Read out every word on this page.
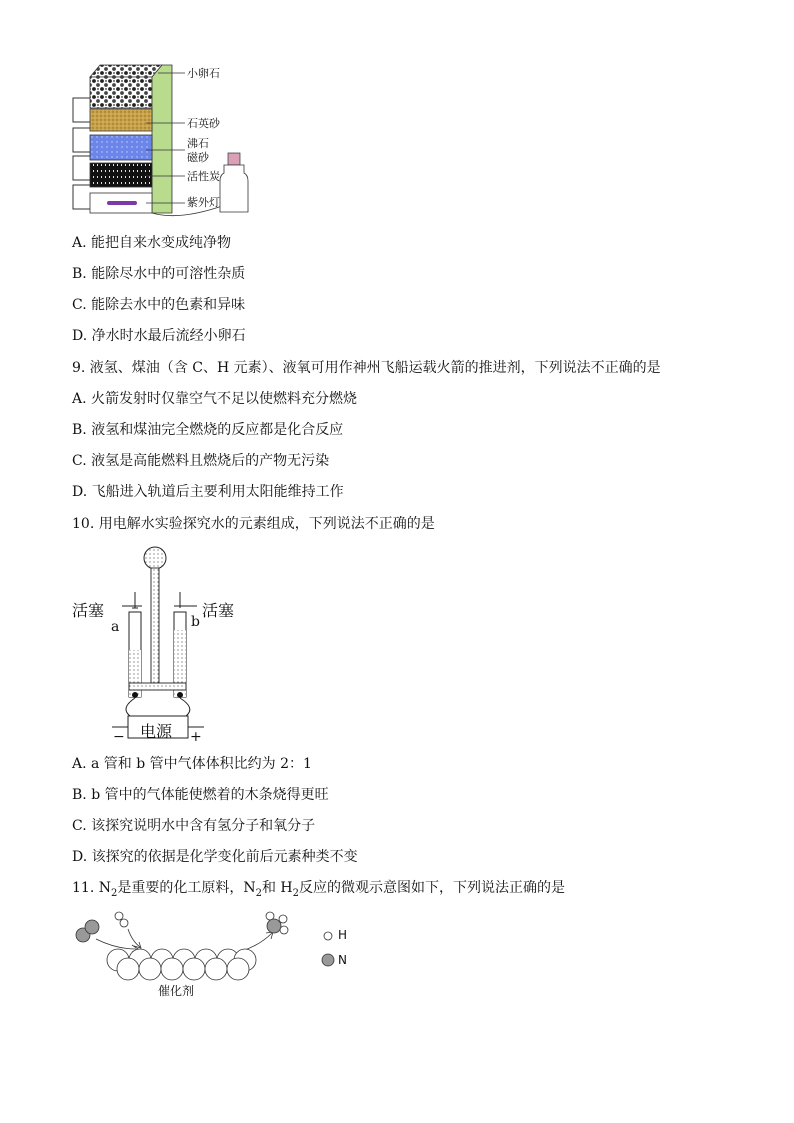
小卵石
石英砂
沸石
磁砂
活性炭
紫外灯
A. 能把自来水变成纯净物
B. 能除尽水中的可溶性杂质
C. 能除去水中的色素和异味
D. 净水时水最后流经小卵石
9. 液氢、煤油（含 C、H 元素）、液氧可用作神州飞船运载火箭的推进剂，下列说法不正确的是
A. 火箭发射时仅靠空气不足以使燃料充分燃烧
B. 液氢和煤油完全燃烧的反应都是化合反应
C. 液氢是高能燃料且燃烧后的产物无污染
D. 飞船进入轨道后主要利用太阳能维持工作
10. 用电解水实验探究水的元素组成，下列说法不正确的是
活塞	活塞
a	b
电源
−	+
A. a 管和 b 管中气体体积比约为 2：1
B. b 管中的气体能使燃着的木条烧得更旺
C. 该探究说明水中含有氢分子和氧分子
D. 该探究的依据是化学变化前后元素种类不变
11. $N_2$是重要的化工原料，$N_2$和 $H_2$反应的微观示意图如下，下列说法正确的是
H
N
催化剂
